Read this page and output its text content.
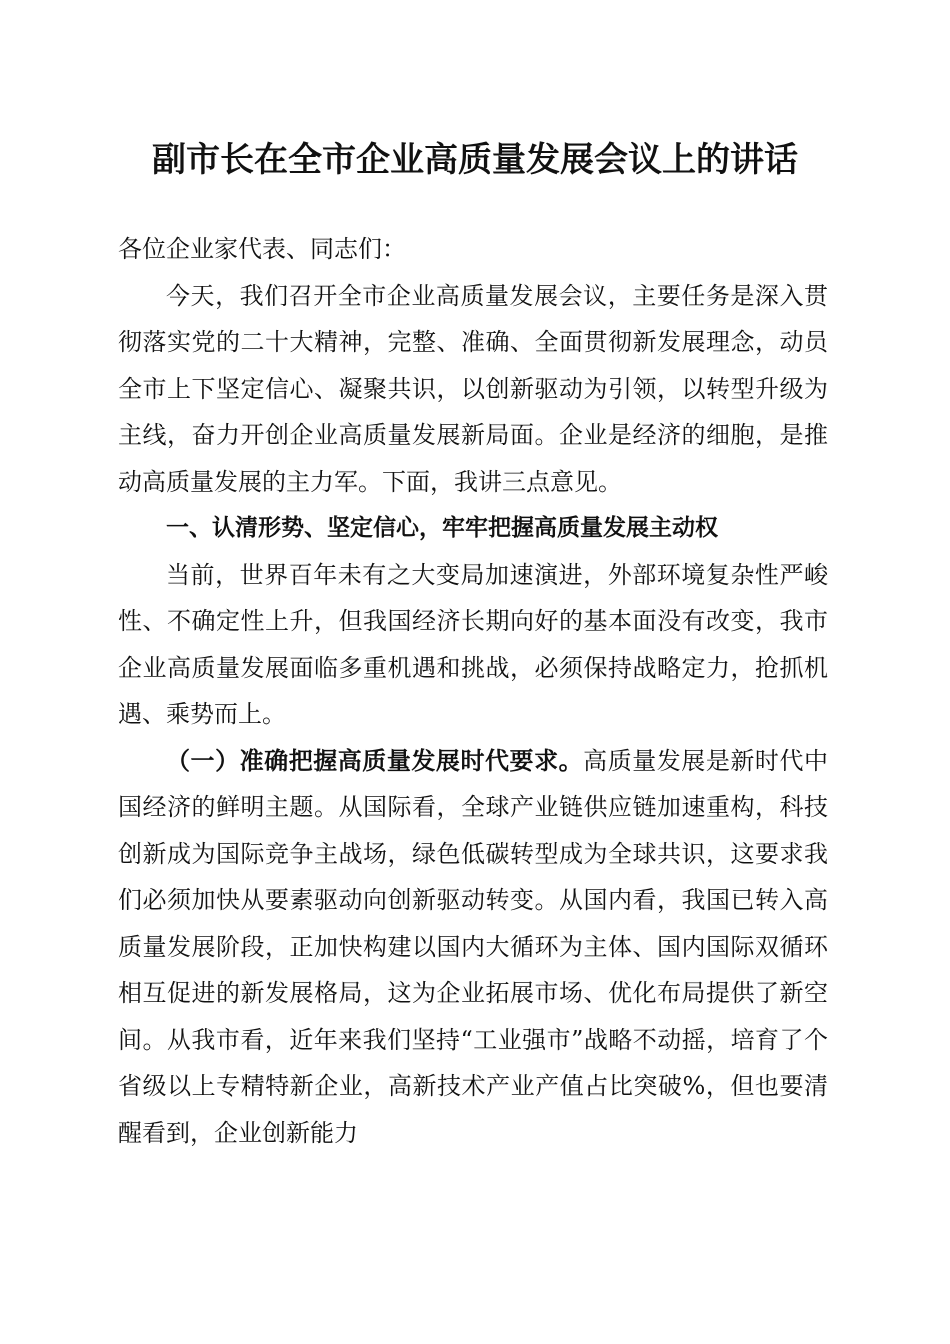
副市长在全市企业高质量发展会议上的讲话

各位企业家代表、同志们：

今天，我们召开全市企业高质量发展会议，主要任务是深入贯彻落实党的二十大精神，完整、准确、全面贯彻新发展理念，动员全市上下坚定信心、凝聚共识，以创新驱动为引领，以转型升级为主线，奋力开创企业高质量发展新局面。企业是经济的细胞，是推动高质量发展的主力军。下面，我讲三点意见。

一、认清形势、坚定信心，牢牢把握高质量发展主动权

当前，世界百年未有之大变局加速演进，外部环境复杂性严峻性、不确定性上升，但我国经济长期向好的基本面没有改变，我市企业高质量发展面临多重机遇和挑战，必须保持战略定力，抢抓机遇、乘势而上。

（一）准确把握高质量发展时代要求。高质量发展是新时代中国经济的鲜明主题。从国际看，全球产业链供应链加速重构，科技创新成为国际竞争主战场，绿色低碳转型成为全球共识，这要求我们必须加快从要素驱动向创新驱动转变。从国内看，我国已转入高质量发展阶段，正加快构建以国内大循环为主体、国内国际双循环相互促进的新发展格局，这为企业拓展市场、优化布局提供了新空间。从我市看，近年来我们坚持“工业强市”战略不动摇，培育了个省级以上专精特新企业，高新技术产业产值占比突破%，但也要清醒看到，企业创新能力
